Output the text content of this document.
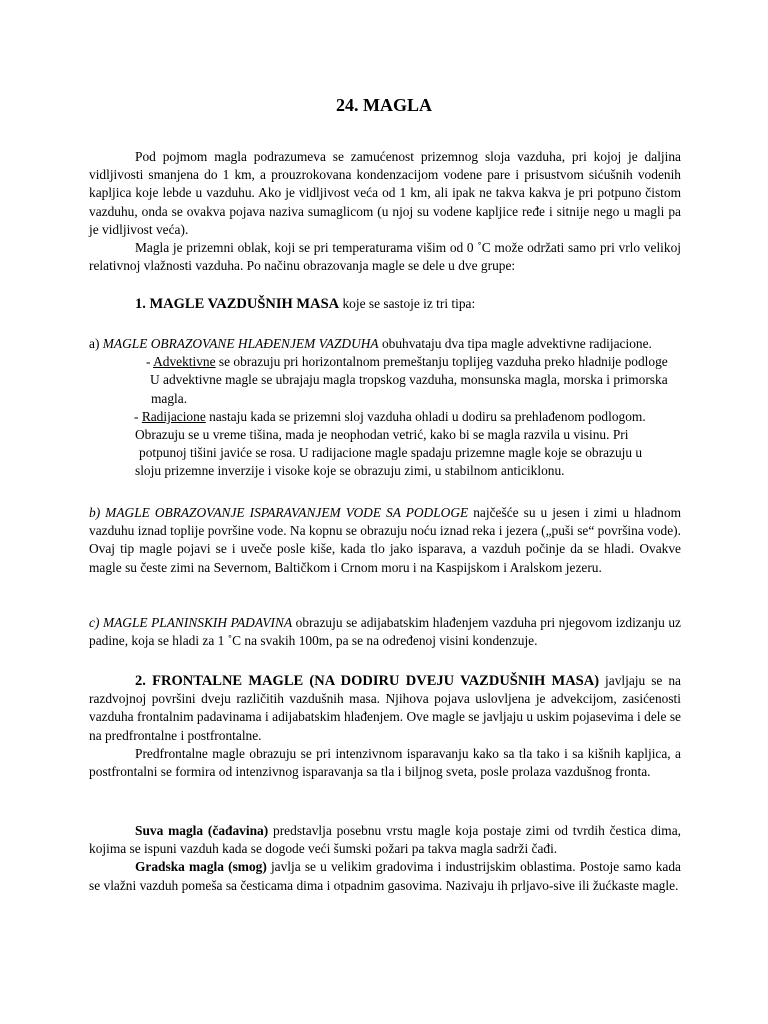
24. MAGLA

Pod pojmom magla podrazumeva se zamućenost prizemnog sloja vazduha, pri kojoj je daljina vidljivosti smanjena do 1 km, a prouzrokovana kondenzacijom vodene pare i prisustvom sićušnih vodenih kapljica koje lebde u vazduhu. Ako je vidljivost veća od 1 km, ali ipak ne takva kakva je pri potpuno čistom vazduhu, onda se ovakva pojava naziva sumaglicom (u njoj su vodene kapljice ređe i sitnije nego u magli pa je vidljivost veća).

Magla je prizemni oblak, koji se pri temperaturama višim od 0 ˚C može održati samo pri vrlo velikoj relativnoj vlažnosti vazduha. Po načinu obrazovanja magle se dele u dve grupe:

1. MAGLE VAZDUŠNIH MASA koje se sastoje iz tri tipa:
a) MAGLE OBRAZOVANE HLAĐENJEM VAZDUHA obuhvataju dva tipa magle advektivne radijacione.
- Advektivne se obrazuju pri horizontalnom premeštanju toplijeg vazduha preko hladnije podloge
U advektivne magle se ubrajaju magla tropskog vazduha, monsunska magla, morska i primorska
magla.
- Radijacione nastaju kada se prizemni sloj vazduha ohladi u dodiru sa prehlađenom podlogom.
Obrazuju se u vreme tišina, mada je neophodan vetrić, kako bi se magla razvila u visinu. Pri
potpunoj tišini javiće se rosa. U radijacione magle spadaju prizemne magle koje se obrazuju u
sloju prizemne inverzije i visoke koje se obrazuju zimi, u stabilnom anticiklonu.
b) MAGLE OBRAZOVANJE ISPARAVANJEM VODE SA PODLOGE najčešće su u jesen i zimi u hladnom vazduhu iznad toplije površine vode. Na kopnu se obrazuju noću iznad reka i jezera („puši se“ površina vode). Ovaj tip magle pojavi se i uveče posle kiše, kada tlo jako isparava, a vazduh počinje da se hladi. Ovakve magle su česte zimi na Severnom, Baltičkom i Crnom moru i na Kaspijskom i Aralskom jezeru.
c) MAGLE PLANINSKIH PADAVINA obrazuju se adijabatskim hlađenjem vazduha pri njegovom izdizanju uz padine, koja se hladi za 1 ˚C na svakih 100m, pa se na određenoj visini kondenzuje.

2. FRONTALNE MAGLE (NA DODIRU DVEJU VAZDUŠNIH MASA) javljaju se na razdvojnoj površini dveju različitih vazdušnih masa. Njihova pojava uslovljena je advekcijom, zasićenosti vazduha frontalnim padavinama i adijabatskim hlađenjem. Ove magle se javljaju u uskim pojasevima i dele se na predfrontalne i postfrontalne.

Predfrontalne magle obrazuju se pri intenzivnom isparavanju kako sa tla tako i sa kišnih kapljica, a postfrontalni se formira od intenzivnog isparavanja sa tla i biljnog sveta, posle prolaza vazdušnog fronta.

Suva magla (čađavina) predstavlja posebnu vrstu magle koja postaje zimi od tvrdih čestica dima, kojima se ispuni vazduh kada se dogode veći šumski požari pa takva magla sadrži čađi.

Gradska magla (smog) javlja se u velikim gradovima i industrijskim oblastima. Postoje samo kada se vlažni vazduh pomeša sa česticama dima i otpadnim gasovima. Nazivaju ih prljavo-sive ili žućkaste magle.
